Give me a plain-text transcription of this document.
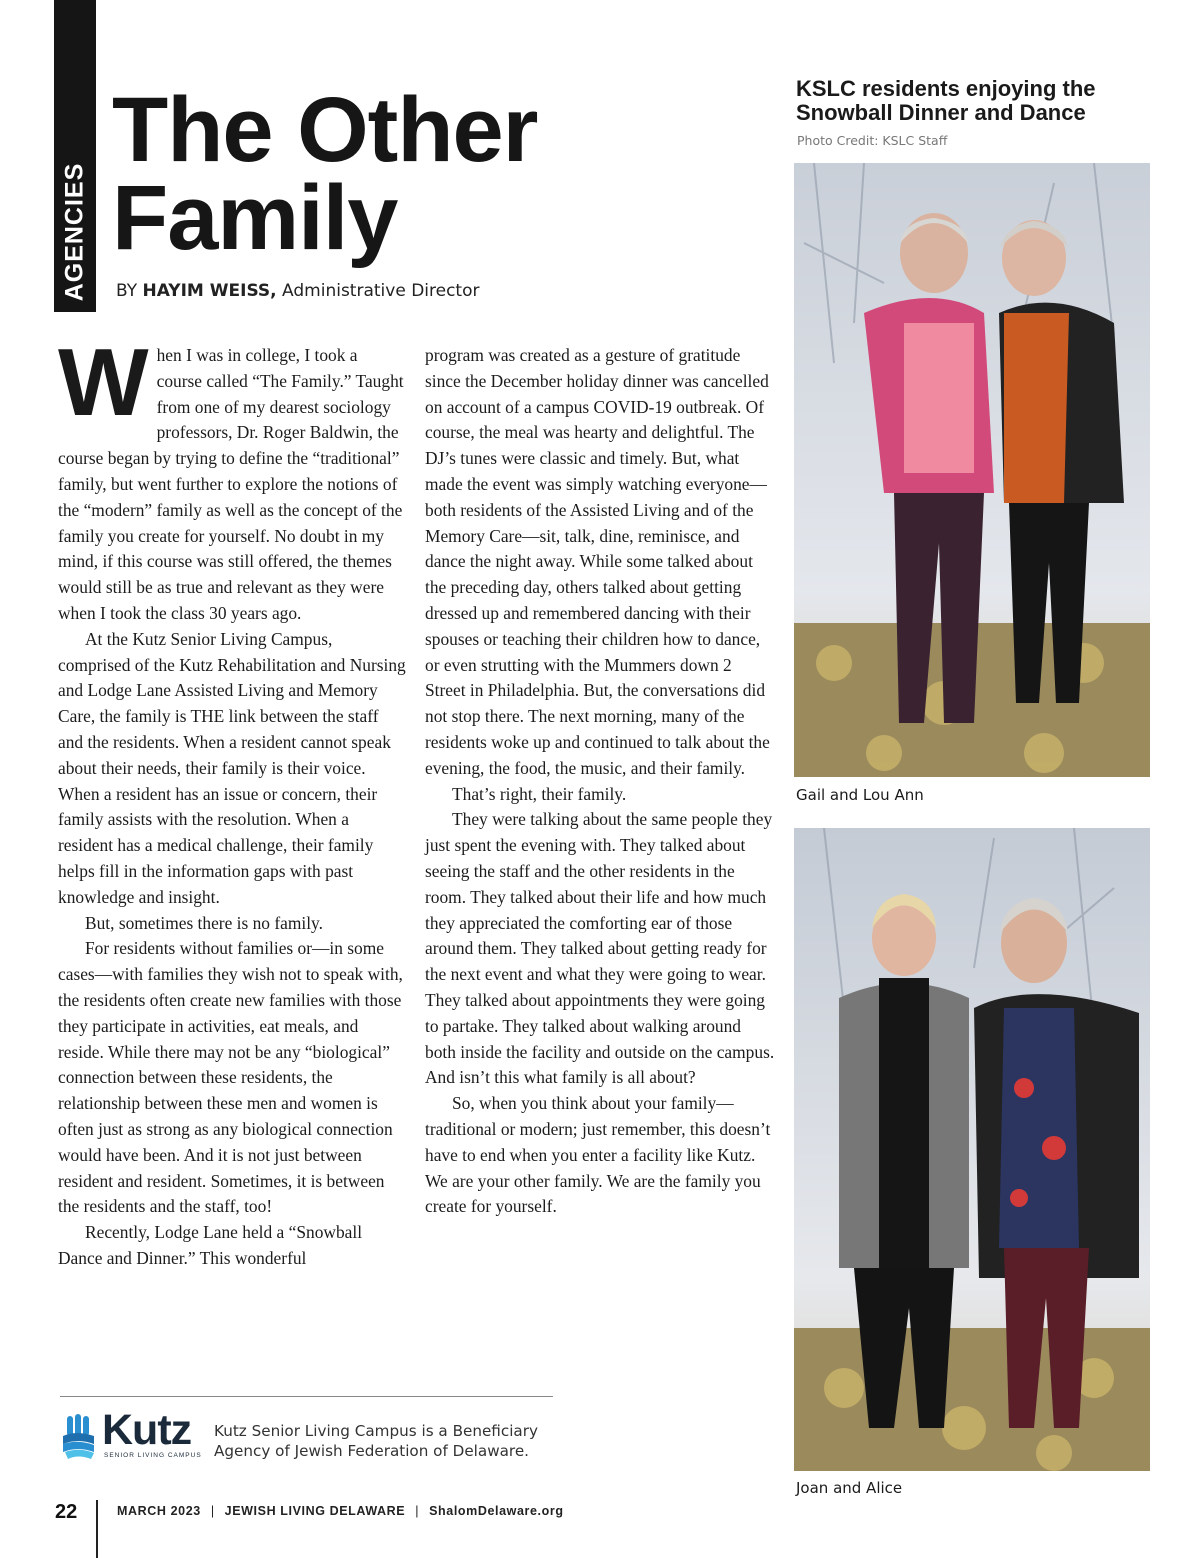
AGENCIES
The Other
Family
BY HAYIM WEISS, Administrative Director

When I was in college, I took a course called “The Family.” Taught from one of my dearest sociology professors, Dr. Roger Baldwin, the course began by trying to define the “traditional” family, but went further to explore the notions of the “modern” family as well as the concept of the family you create for yourself. No doubt in my mind, if this course was still offered, the themes would still be as true and relevant as they were when I took the class 30 years ago.

At the Kutz Senior Living Campus, comprised of the Kutz Rehabilitation and Nursing and Lodge Lane Assisted Living and Memory Care, the family is THE link between the staff and the residents. When a resident cannot speak about their needs, their family is their voice. When a resident has an issue or concern, their family assists with the resolution. When a resident has a medical challenge, their family helps fill in the information gaps with past knowledge and insight.

But, sometimes there is no family.

For residents without families or—in some cases—with families they wish not to speak with, the residents often create new families with those they participate in activities, eat meals, and reside. While there may not be any “biological” connection between these residents, the relationship between these men and women is often just as strong as any biological connection would have been. And it is not just between resident and resident. Sometimes, it is between the residents and the staff, too!

Recently, Lodge Lane held a “Snowball Dance and Dinner.” This wonderful

program was created as a gesture of gratitude since the December holiday dinner was cancelled on account of a campus COVID-19 outbreak. Of course, the meal was hearty and delightful. The DJ’s tunes were classic and timely. But, what made the event was simply watching everyone—both residents of the Assisted Living and of the Memory Care—sit, talk, dine, reminisce, and dance the night away. While some talked about the preceding day, others talked about getting dressed up and remembered dancing with their spouses or teaching their children how to dance, or even strutting with the Mummers down 2 Street in Philadelphia. But, the conversations did not stop there. The next morning, many of the residents woke up and continued to talk about the evening, the food, the music, and their family.

That’s right, their family.

They were talking about the same people they just spent the evening with. They talked about seeing the staff and the other residents in the room. They talked about their life and how much they appreciated the comforting ear of those around them. They talked about getting ready for the next event and what they were going to wear. They talked about appointments they were going to partake. They talked about walking around both inside the facility and outside on the campus. And isn’t this what family is all about?

So, when you think about your family—traditional or modern; just remember, this doesn’t have to end when you enter a facility like Kutz. We are your other family. We are the family you create for yourself.

Kutz
SENIOR LIVING CAMPUS
Kutz Senior Living Campus is a Beneficiary Agency of Jewish Federation of Delaware.
22	MARCH 2023 | JEWISH LIVING DELAWARE | ShalomDelaware.org
KSLC residents enjoying the Snowball Dinner and Dance
Photo Credit: KSLC Staff
Gail and Lou Ann
Joan and Alice
